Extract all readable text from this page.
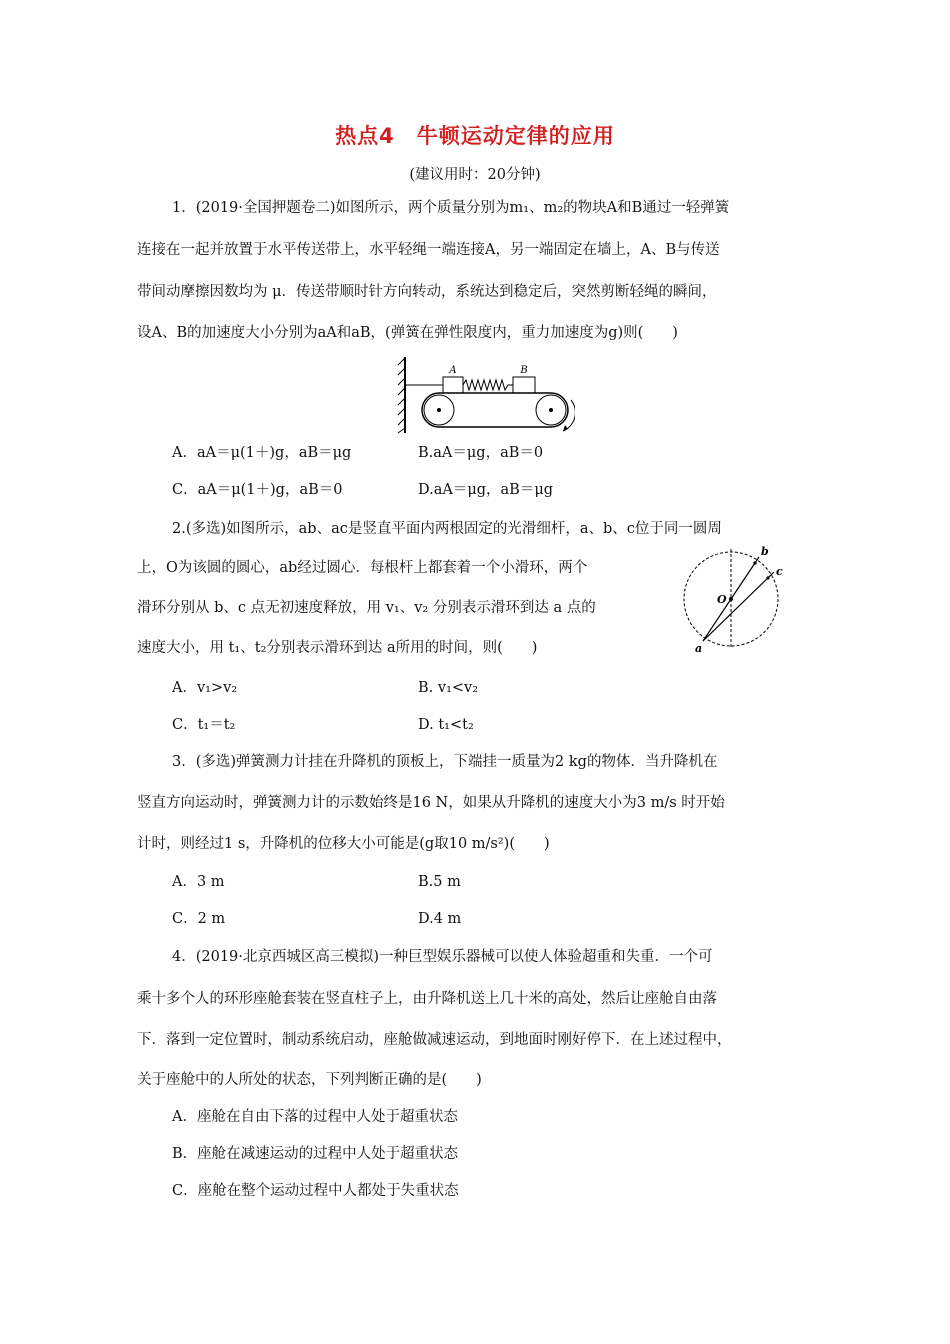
热点4　牛顿运动定律的应用
(建议用时：20分钟)
1．(2019·全国押题卷二)如图所示，两个质量分别为m₁、m₂的物块A和B通过一轻弹簧
连接在一起并放置于水平传送带上，水平轻绳一端连接A，另一端固定在墙上，A、B与传送
带间动摩擦因数均为 μ．传送带顺时针方向转动，系统达到稳定后，突然剪断轻绳的瞬间，
设A、B的加速度大小分别为aA和aB，(弹簧在弹性限度内，重力加速度为g)则(　　)
A	B
A．aA＝μ(1＋)g，aB＝μg	B.aA＝μg，aB＝0
C．aA＝μ(1＋)g，aB＝0	D.aA＝μg，aB＝μg
2.(多选)如图所示，ab、ac是竖直平面内两根固定的光滑细杆，a、b、c位于同一圆周
上，O为该圆的圆心，ab经过圆心．每根杆上都套着一个小滑环，两个
滑环分别从 b、c 点无初速度释放，用 v₁、v₂ 分别表示滑环到达 a 点的
速度大小，用 t₁、t₂分别表示滑环到达 a所用的时间，则(　　)
O
a
b
c
A．v₁>v₂	B. v₁<v₂
C．t₁＝t₂	D. t₁<t₂
3．(多选)弹簧测力计挂在升降机的顶板上，下端挂一质量为2 kg的物体．当升降机在
竖直方向运动时，弹簧测力计的示数始终是16 N，如果从升降机的速度大小为3 m/s 时开始
计时，则经过1 s，升降机的位移大小可能是(g取10 m/s²)(　　)
A．3 m	B.5 m
C．2 m	D.4 m
4．(2019·北京西城区高三模拟)一种巨型娱乐器械可以使人体验超重和失重．一个可
乘十多个人的环形座舱套装在竖直柱子上，由升降机送上几十米的高处，然后让座舱自由落
下．落到一定位置时，制动系统启动，座舱做减速运动，到地面时刚好停下．在上述过程中，
关于座舱中的人所处的状态，下列判断正确的是(　　)
A．座舱在自由下落的过程中人处于超重状态
B．座舱在减速运动的过程中人处于超重状态
C．座舱在整个运动过程中人都处于失重状态
